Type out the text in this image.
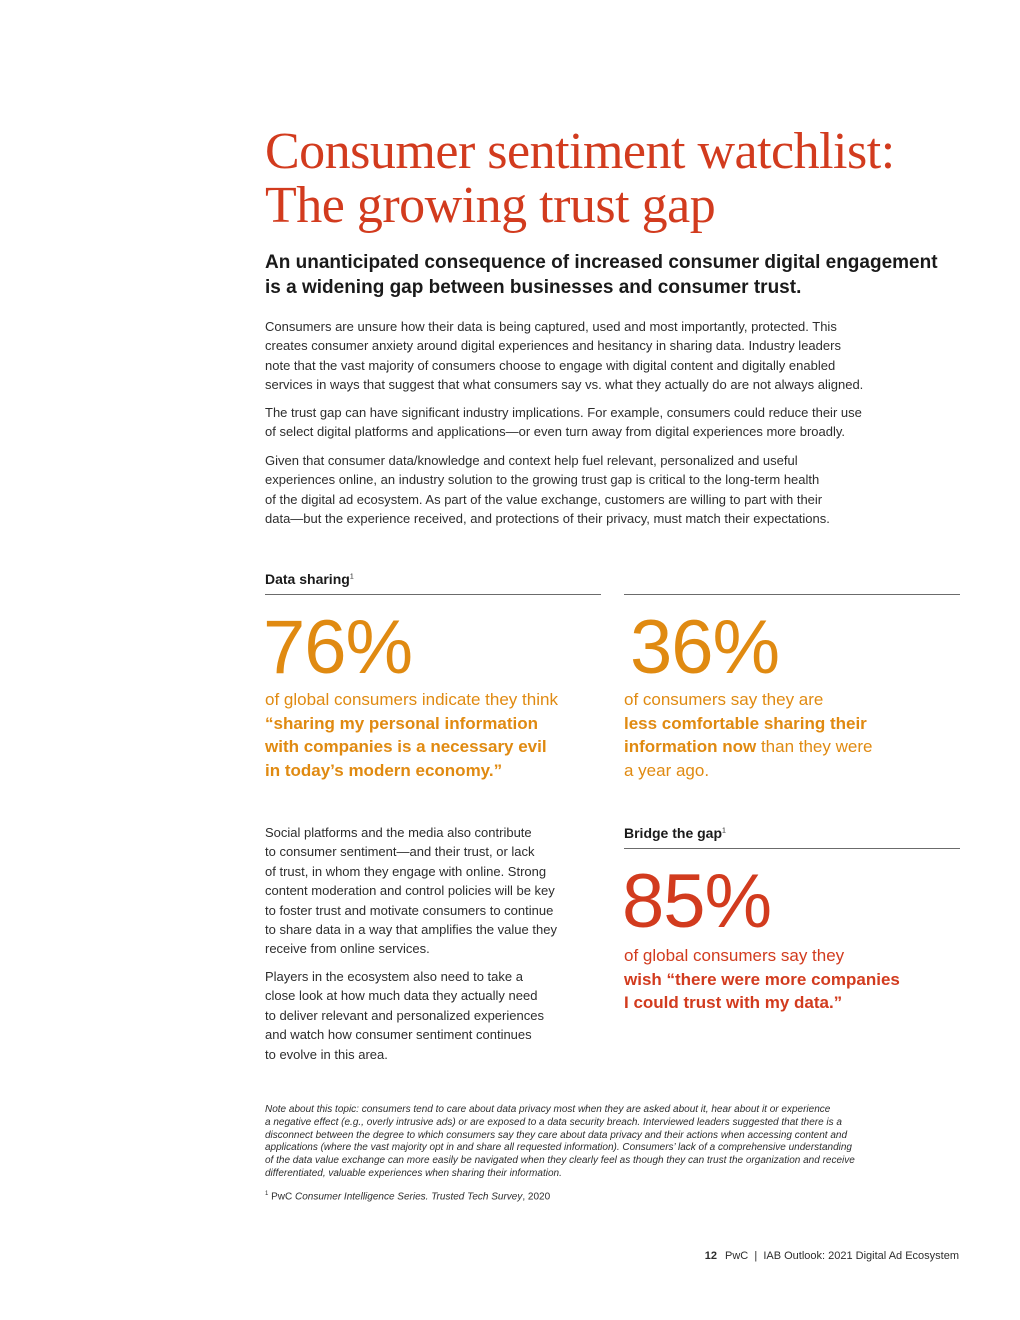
Consumer sentiment watchlist:
The growing trust gap
An unanticipated consequence of increased consumer digital engagement
is a widening gap between businesses and consumer trust.
Consumers are unsure how their data is being captured, used and most importantly, protected. This
creates consumer anxiety around digital experiences and hesitancy in sharing data. Industry leaders
note that the vast majority of consumers choose to engage with digital content and digitally enabled
services in ways that suggest that what consumers say vs. what they actually do are not always aligned.
The trust gap can have significant industry implications. For example, consumers could reduce their use
of select digital platforms and applications—or even turn away from digital experiences more broadly.
Given that consumer data/knowledge and context help fuel relevant, personalized and useful
experiences online, an industry solution to the growing trust gap is critical to the long-term health
of the digital ad ecosystem. As part of the value exchange, customers are willing to part with their
data—but the experience received, and protections of their privacy, must match their expectations.
Data sharing$^1$
76%
of global consumers indicate they think
“sharing my personal information
with companies is a necessary evil
in today’s modern economy.”
36%
of consumers say they are
less comfortable sharing their
information now than they were
a year ago.
Social platforms and the media also contribute
to consumer sentiment—and their trust, or lack
of trust, in whom they engage with online. Strong
content moderation and control policies will be key
to foster trust and motivate consumers to continue
to share data in a way that amplifies the value they
receive from online services.
Players in the ecosystem also need to take a
close look at how much data they actually need
to deliver relevant and personalized experiences
and watch how consumer sentiment continues
to evolve in this area.
Bridge the gap$^1$
85%
of global consumers say they
wish “there were more companies
I could trust with my data.”
Note about this topic: consumers tend to care about data privacy most when they are asked about it, hear about it or experience
a negative effect (e.g., overly intrusive ads) or are exposed to a data security breach. Interviewed leaders suggested that there is a
disconnect between the degree to which consumers say they care about data privacy and their actions when accessing content and
applications (where the vast majority opt in and share all requested information). Consumers’ lack of a comprehensive understanding
of the data value exchange can more easily be navigated when they clearly feel as though they can trust the organization and receive
differentiated, valuable experiences when sharing their information.
$^1$ PwC Consumer Intelligence Series. Trusted Tech Survey, 2020
12 PwC  |  IAB Outlook: 2021 Digital Ad Ecosystem
